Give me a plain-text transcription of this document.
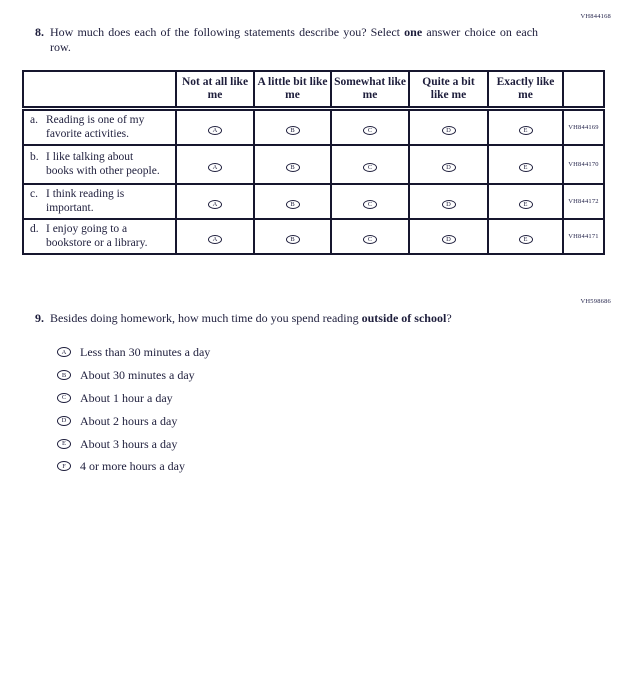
VH844168
8. How much does each of the following statements describe you? Select one answer choice on each row.
	Not at all like me	A little bit like me	Somewhat like me	Quite a bit like me	Exactly like me	

a. Reading is one of my favorite activities.	A	B	C	D	E	VH844169

b. I like talking about books with other people.	A	B	C	D	E	VH844170

c. I think reading is important.	A	B	C	D	E	VH844172

d. I enjoy going to a bookstore or a library.	A	B	C	D	E	VH844171
VH598686
9. Besides doing homework, how much time do you spend reading outside of school?
A	Less than 30 minutes a day
B	About 30 minutes a day
C	About 1 hour a day
D	About 2 hours a day
E	About 3 hours a day
F	4 or more hours a day
